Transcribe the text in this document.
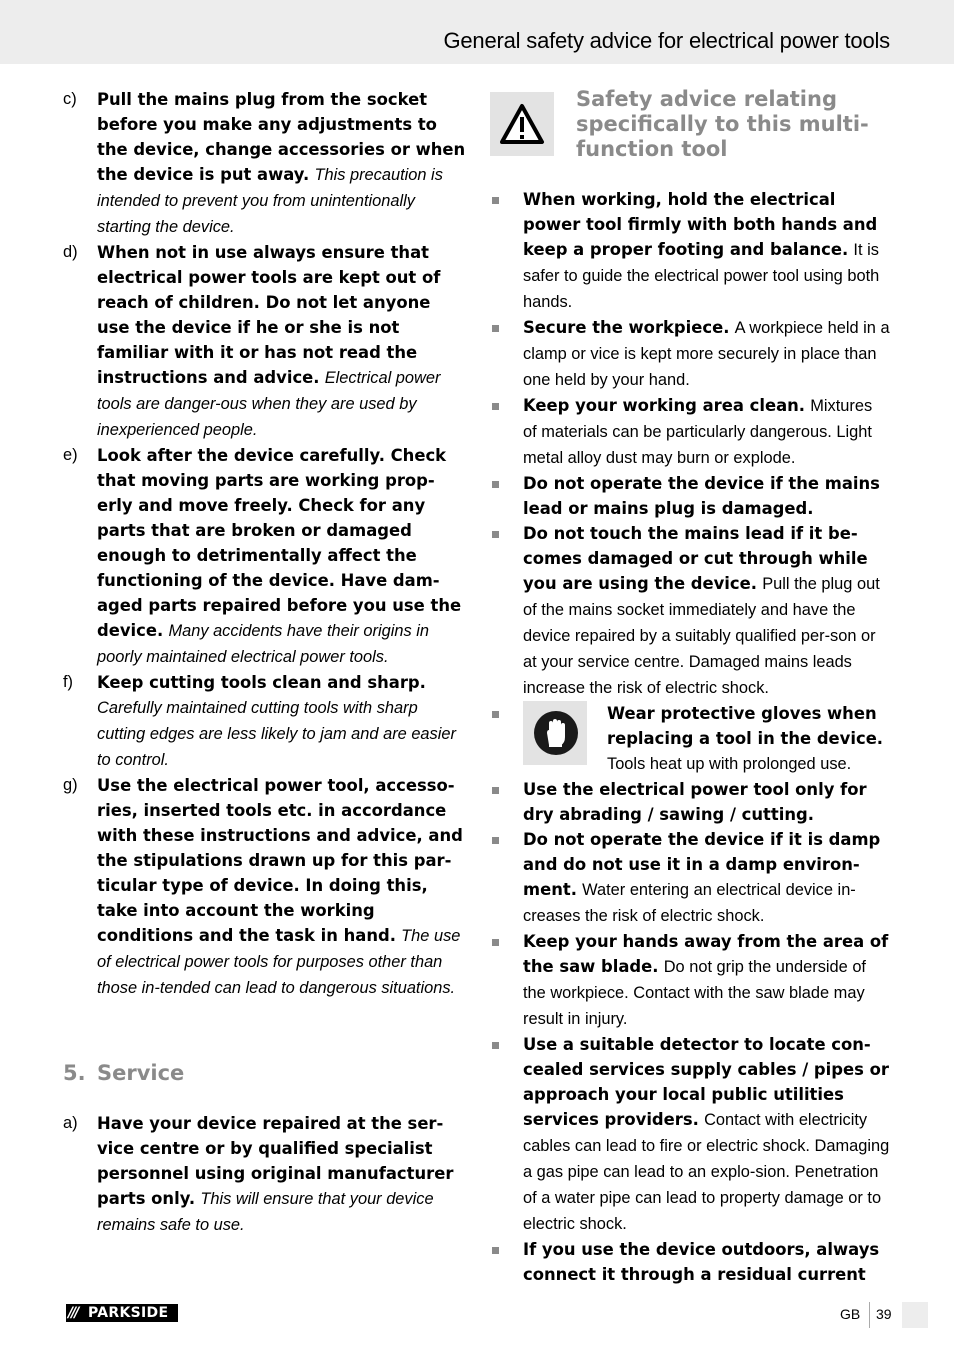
General safety advice for electrical power tools
c) Pull the mains plug from the socket before you make any adjustments to the device, change accessories or when the device is put away. This precaution is intended to prevent you from unintentionally starting the device.
d) When not in use always ensure that electrical power tools are kept out of reach of children. Do not let anyone use the device if he or she is not familiar with it or has not read the instructions and advice. Electrical power tools are danger-ous when they are used by inexperienced people.
e) Look after the device carefully. Check that moving parts are working prop-erly and move freely. Check for any parts that are broken or damaged enough to detrimentally affect the functioning of the device. Have dam-aged parts repaired before you use the device. Many accidents have their origins in poorly maintained electrical power tools.
f) Keep cutting tools clean and sharp. Carefully maintained cutting tools with sharp cutting edges are less likely to jam and are easier to control.
g) Use the electrical power tool, accesso-ries, inserted tools etc. in accordance with these instructions and advice, and the stipulations drawn up for this par-ticular type of device. In doing this, take into account the working conditions and the task in hand. The use of electrical power tools for purposes other than those in-tended can lead to dangerous situations.
5. Service
a) Have your device repaired at the ser-vice centre or by qualified specialist personnel using original manufacturer parts only. This will ensure that your device remains safe to use.
Safety advice relating specifically to this multi-function tool
When working, hold the electrical power tool firmly with both hands and keep a proper footing and balance. It is safer to guide the electrical power tool using both hands.
Secure the workpiece. A workpiece held in a clamp or vice is kept more securely in place than one held by your hand.
Keep your working area clean. Mixtures of materials can be particularly dangerous. Light metal alloy dust may burn or explode.
Do not operate the device if the mains lead or mains plug is damaged.
Do not touch the mains lead if it be-comes damaged or cut through while you are using the device. Pull the plug out of the mains socket immediately and have the device repaired by a suitably qualified per-son or at your service centre. Damaged mains leads increase the risk of electric shock.
Wear protective gloves when replacing a tool in the device. Tools heat up with prolonged use.
Use the electrical power tool only for dry abrading / sawing / cutting.
Do not operate the device if it is damp and do not use it in a damp environ-ment. Water entering an electrical device in-creases the risk of electric shock.
Keep your hands away from the area of the saw blade. Do not grip the underside of the workpiece. Contact with the saw blade may result in injury.
Use a suitable detector to locate con-cealed services supply cables / pipes or approach your local public utilities services providers. Contact with electricity cables can lead to fire or electric shock. Damaging a gas pipe can lead to an explo-sion. Penetration of a water pipe can lead to property damage or to electric shock.
If you use the device outdoors, always connect it through a residual current
/// PARKSIDE	GB 39
